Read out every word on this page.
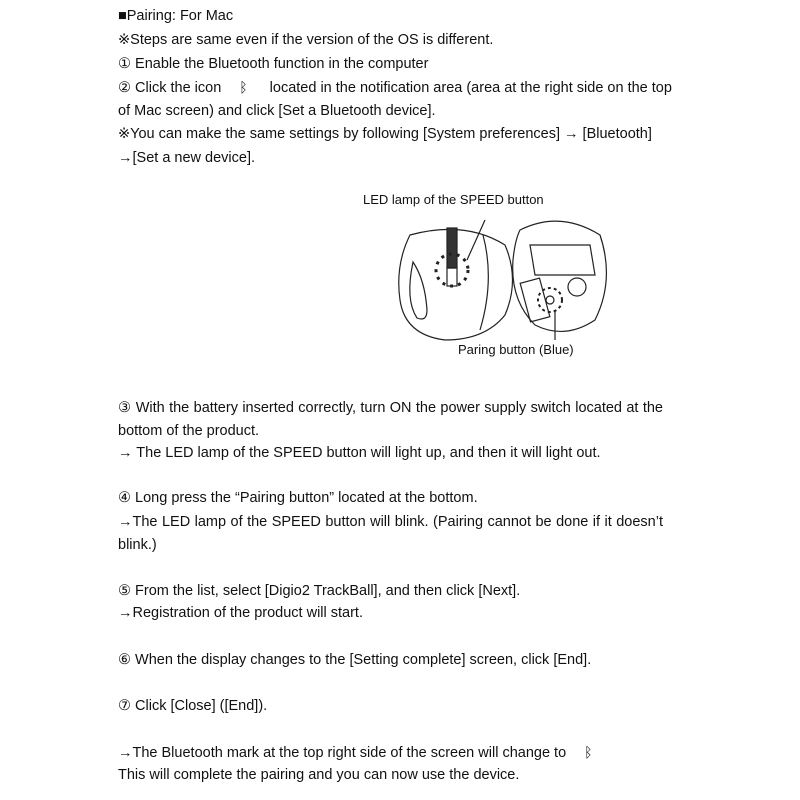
■Pairing: For Mac
※Steps are same even if the version of the OS is different.
① Enable the Bluetooth function in the computer
② Click the icon ᛒ located in the notification area (area at the right side on the top
of Mac screen) and click [Set a Bluetooth device].
※You can make the same settings by following [System preferences] → [Bluetooth]
→[Set a new device].
LED lamp of the SPEED button
Paring button (Blue)
③ With the battery inserted correctly, turn ON the power supply switch located at the
bottom of the product.
→ The LED lamp of the SPEED button will light up, and then it will light out.
④ Long press the “Pairing button” located at the bottom.
→The LED lamp of the SPEED button will blink. (Pairing cannot be done if it doesn’t
blink.)
⑤ From the list, select [Digio2 TrackBall], and then click [Next].
→Registration of the product will start.
⑥ When the display changes to the [Setting complete] screen, click [End].
⑦ Click [Close] ([End]).
→The Bluetooth mark at the top right side of the screen will change to ᛒ
This will complete the pairing and you can now use the device.
